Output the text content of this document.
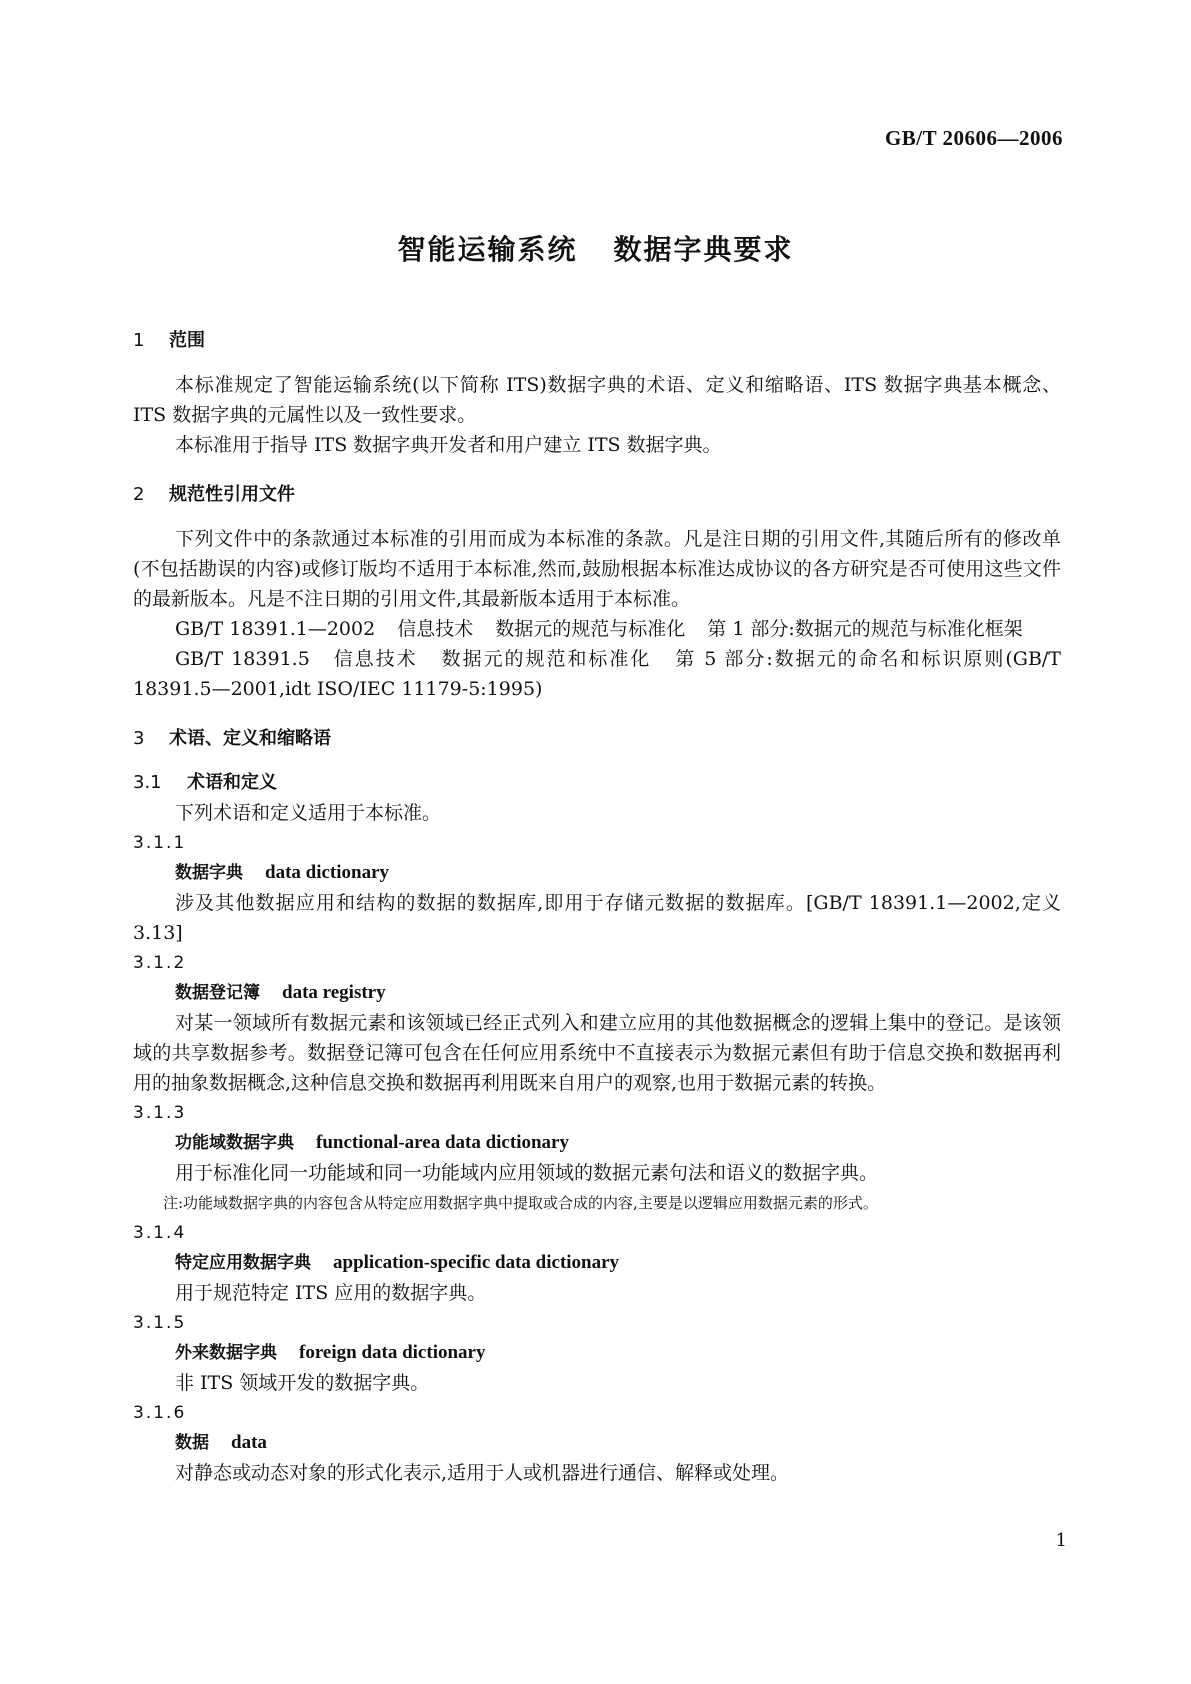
GB/T 20606—2006
智能运输系统 数据字典要求
1 范围

本标准规定了智能运输系统(以下简称 ITS)数据字典的术语、定义和缩略语、ITS 数据字典基本概念、ITS 数据字典的元属性以及一致性要求。

本标准用于指导 ITS 数据字典开发者和用户建立 ITS 数据字典。

2 规范性引用文件

下列文件中的条款通过本标准的引用而成为本标准的条款。凡是注日期的引用文件,其随后所有的修改单(不包括勘误的内容)或修订版均不适用于本标准,然而,鼓励根据本标准达成协议的各方研究是否可使用这些文件的最新版本。凡是不注日期的引用文件,其最新版本适用于本标准。

GB/T 18391.1—2002 信息技术 数据元的规范与标准化 第 1 部分:数据元的规范与标准化框架

GB/T 18391.5 信息技术 数据元的规范和标准化 第 5 部分:数据元的命名和标识原则(GB/T 18391.5—2001,idt ISO/IEC 11179-5:1995)

3 术语、定义和缩略语
3.1 术语和定义

下列术语和定义适用于本标准。

3.1.1
数据字典 data dictionary

涉及其他数据应用和结构的数据的数据库,即用于存储元数据的数据库。[GB/T 18391.1—2002,定义 3.13]

3.1.2
数据登记簿 data registry

对某一领域所有数据元素和该领域已经正式列入和建立应用的其他数据概念的逻辑上集中的登记。是该领域的共享数据参考。数据登记簿可包含在任何应用系统中不直接表示为数据元素但有助于信息交换和数据再利用的抽象数据概念,这种信息交换和数据再利用既来自用户的观察,也用于数据元素的转换。

3.1.3
功能域数据字典 functional-area data dictionary

用于标准化同一功能域和同一功能域内应用领域的数据元素句法和语义的数据字典。

注:功能域数据字典的内容包含从特定应用数据字典中提取或合成的内容,主要是以逻辑应用数据元素的形式。
3.1.4
特定应用数据字典 application-specific data dictionary

用于规范特定 ITS 应用的数据字典。

3.1.5
外来数据字典 foreign data dictionary

非 ITS 领域开发的数据字典。

3.1.6
数据 data

对静态或动态对象的形式化表示,适用于人或机器进行通信、解释或处理。

1
